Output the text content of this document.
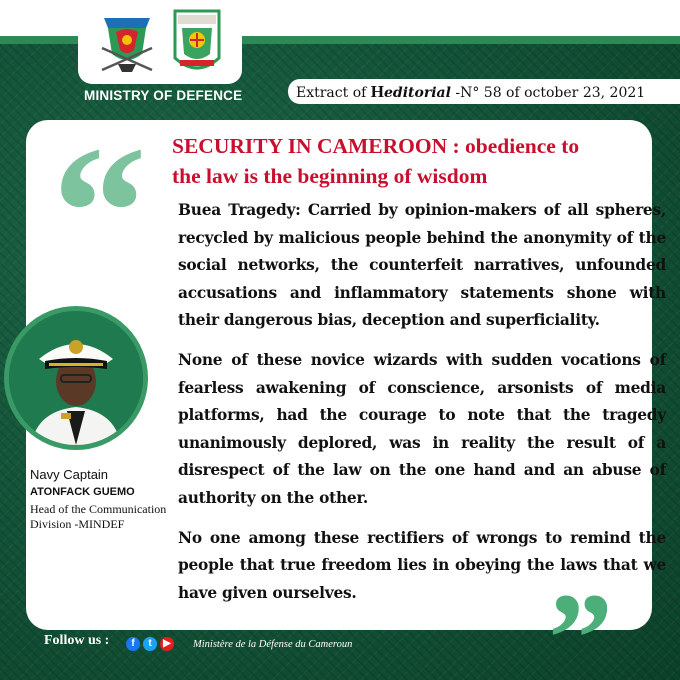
MINISTRY OF DEFENCE	Extract of Heditorial -N° 58 of october 23, 2021
“ SECURITY IN CAMEROON : obedience to
the law is the beginning of wisdom

Buea Tragedy: Carried by opinion-makers of all spheres, recycled by malicious people behind the anonymity of the social networks, the counterfeit narratives, unfounded accusations and inflammatory statements shone with their dangerous bias, deception and superficiality.

None of these novice wizards with sudden vocations of fearless awakening of conscience, arsonists of media platforms, had the courage to note that the tragedy unanimously deplored, was in reality the result of a disrespect of the law on the one hand and an abuse of authority on the other.

No one among these rectifiers of wrongs to remind the people that true freedom lies in obeying the laws that we have given ourselves.	”
Navy Captain
ATONFACK GUEMO
Head of the Communication Division -MINDEF
Follow us :	f	t	▶	Ministère de la Défense du Cameroun
